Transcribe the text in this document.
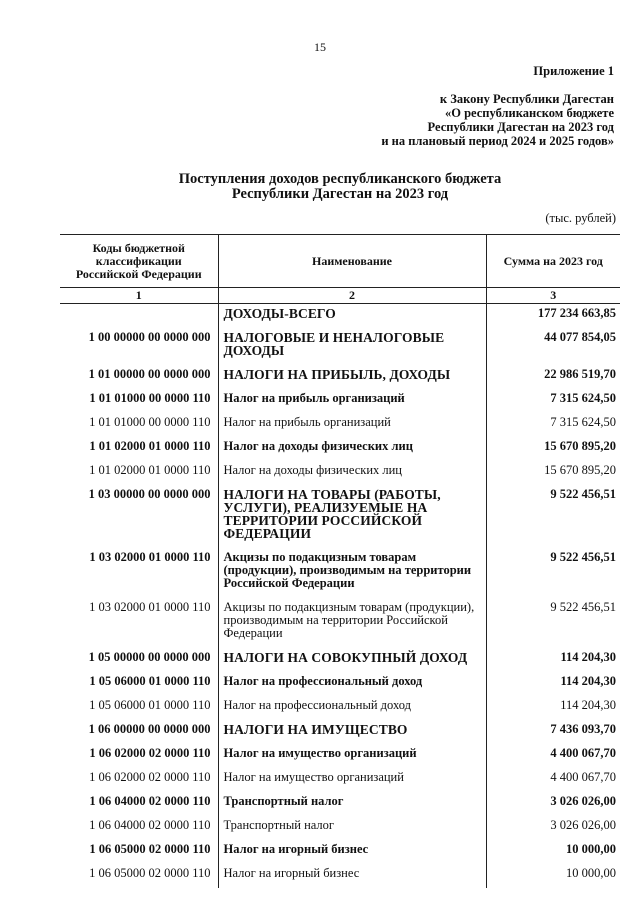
15
Приложение 1
к Закону Республики Дагестан
«О республиканском бюджете
Республики Дагестан на 2023 год
и на плановый период 2024 и 2025 годов»
Поступления доходов республиканского бюджета
Республики Дагестан на 2023 год
(тыс. рублей)
Коды бюджетной классификации Российской Федерации	Наименование	Сумма на 2023 год
1	2	3
	ДОХОДЫ-ВСЕГО	177 234 663,85
1 00 00000 00 0000 000	НАЛОГОВЫЕ И НЕНАЛОГОВЫЕ ДОХОДЫ	44 077 854,05
1 01 00000 00 0000 000	НАЛОГИ НА ПРИБЫЛЬ, ДОХОДЫ	22 986 519,70
1 01 01000 00 0000 110	Налог на прибыль организаций	7 315 624,50
1 01 01000 00 0000 110	Налог на прибыль организаций	7 315 624,50
1 01 02000 01 0000 110	Налог на доходы физических лиц	15 670 895,20
1 01 02000 01 0000 110	Налог на доходы физических лиц	15 670 895,20
1 03 00000 00 0000 000	НАЛОГИ НА ТОВАРЫ (РАБОТЫ, УСЛУГИ), РЕАЛИЗУЕМЫЕ НА ТЕРРИТОРИИ РОССИЙСКОЙ ФЕДЕРАЦИИ	9 522 456,51
1 03 02000 01 0000 110	Акцизы по подакцизным товарам (продукции), производимым на территории Российской Федерации	9 522 456,51
1 03 02000 01 0000 110	Акцизы по подакцизным товарам (продукции), производимым на территории Российской Федерации	9 522 456,51
1 05 00000 00 0000 000	НАЛОГИ НА СОВОКУПНЫЙ ДОХОД	114 204,30
1 05 06000 01 0000 110	Налог на профессиональный доход	114 204,30
1 05 06000 01 0000 110	Налог на профессиональный доход	114 204,30
1 06 00000 00 0000 000	НАЛОГИ НА ИМУЩЕСТВО	7 436 093,70
1 06 02000 02 0000 110	Налог на имущество организаций	4 400 067,70
1 06 02000 02 0000 110	Налог на имущество организаций	4 400 067,70
1 06 04000 02 0000 110	Транспортный налог	3 026 026,00
1 06 04000 02 0000 110	Транспортный налог	3 026 026,00
1 06 05000 02 0000 110	Налог на игорный бизнес	10 000,00
1 06 05000 02 0000 110	Налог на игорный бизнес	10 000,00
